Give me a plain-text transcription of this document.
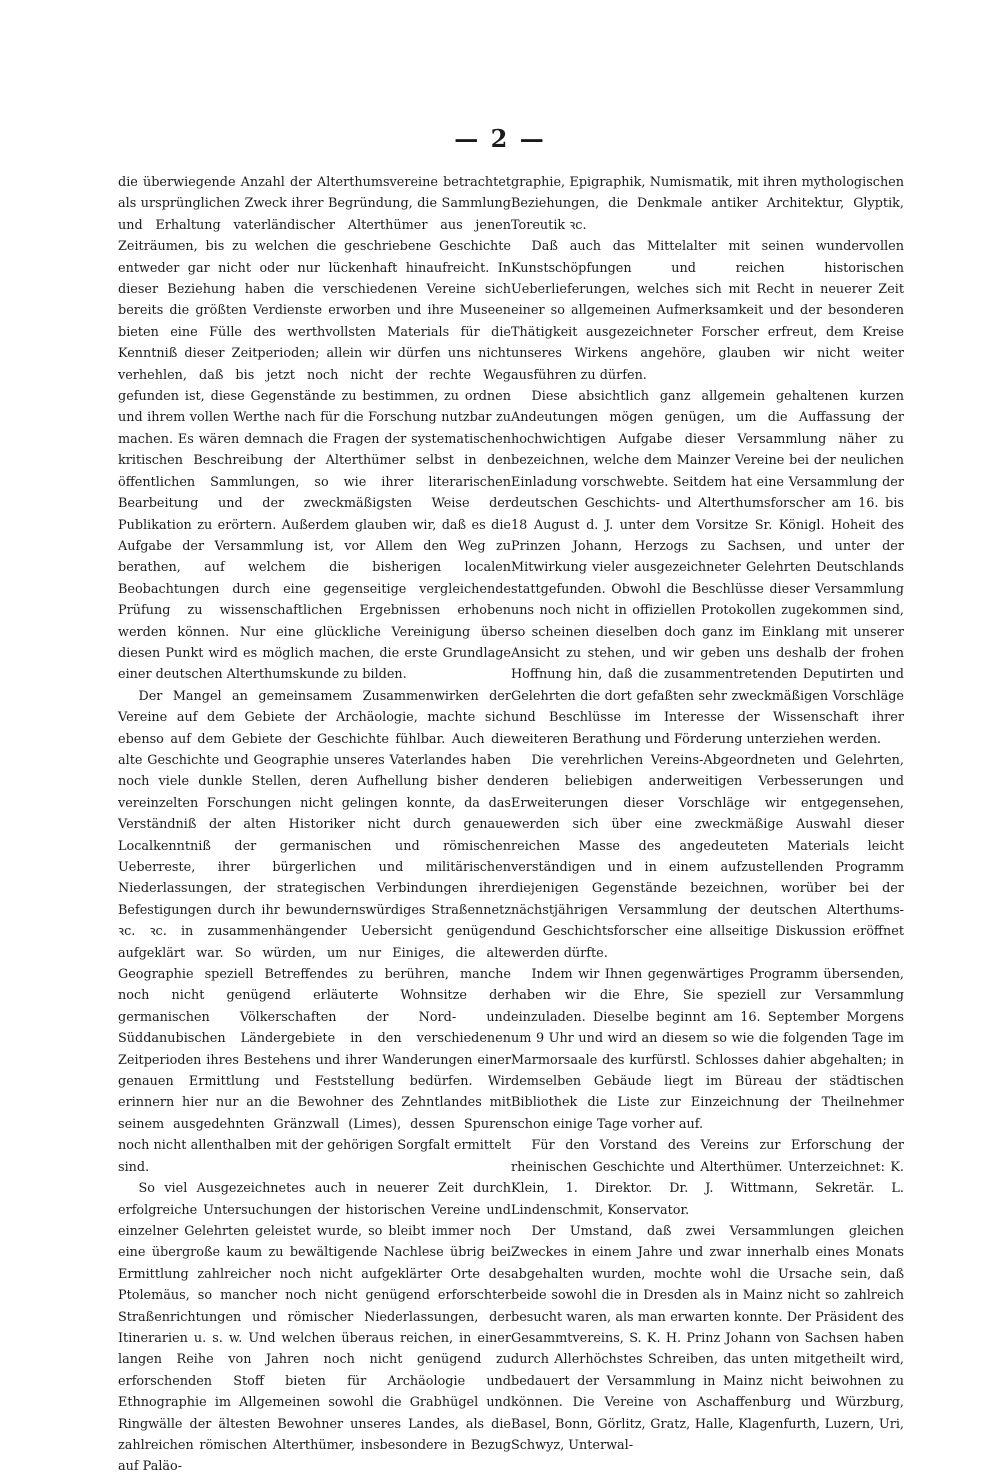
— 2 —

die überwiegende Anzahl der Alterthumsvereine betrachtet als ursprünglichen Zweck ihrer Begründung, die Sammlung und Erhaltung vaterländischer Alterthümer aus jenen Zeiträumen, bis zu welchen die geschriebene Geschichte entweder gar nicht oder nur lückenhaft hinaufreicht. In dieser Beziehung haben die verschiedenen Vereine sich bereits die größten Verdienste erworben und ihre Museen bieten eine Fülle des werthvollsten Materials für die Kenntniß dieser Zeitperioden; allein wir dürfen uns nicht verhehlen, daß bis jetzt noch nicht der rechte Weg gefunden ist, diese Gegenstände zu bestimmen, zu ordnen und ihrem vollen Werthe nach für die Forschung nutzbar zu machen. Es wären demnach die Fragen der systematischen kritischen Beschreibung der Alterthümer selbst in den öffentlichen Sammlungen, so wie ihrer literarischen Bearbeitung und der zweckmäßigsten Weise der Publikation zu erörtern. Außerdem glauben wir, daß es die Aufgabe der Versammlung ist, vor Allem den Weg zu berathen, auf welchem die bisherigen localen Beobachtungen durch eine gegenseitige vergleichende Prüfung zu wissenschaftlichen Ergebnissen erhoben werden können. Nur eine glückliche Vereinigung über diesen Punkt wird es möglich machen, die erste Grundlage einer deutschen Alterthumskunde zu bilden.

Der Mangel an gemeinsamem Zusammenwirken der Vereine auf dem Gebiete der Archäologie, machte sich ebenso auf dem Gebiete der Geschichte fühlbar. Auch die alte Geschichte und Geographie unseres Vaterlandes haben noch viele dunkle Stellen, deren Aufhellung bisher den vereinzelten Forschungen nicht gelingen konnte, da das Verständniß der alten Historiker nicht durch genaue Localkenntniß der germanischen und römischen Ueberreste, ihrer bürgerlichen und militärischen Niederlassungen, der strategischen Verbindungen ihrer Befestigungen durch ihr bewundernswürdiges Straßennetz ꝛc. ꝛc. in zusammenhängender Uebersicht genügend aufgeklärt war. So würden, um nur Einiges, die alte Geographie speziell Betreffendes zu berühren, manche noch nicht genügend erläuterte Wohnsitze der germanischen Völkerschaften der Nord- und Süddanubischen Ländergebiete in den verschiedenen Zeitperioden ihres Bestehens und ihrer Wanderungen einer genauen Ermittlung und Feststellung bedürfen. Wir erinnern hier nur an die Bewohner des Zehntlandes mit seinem ausgedehnten Gränzwall (Limes), dessen Spuren noch nicht allenthalben mit der gehörigen Sorgfalt ermittelt sind.

So viel Ausgezeichnetes auch in neuerer Zeit durch erfolgreiche Untersuchungen der historischen Vereine und einzelner Gelehrten geleistet wurde, so bleibt immer noch eine übergroße kaum zu bewältigende Nachlese übrig bei Ermittlung zahlreicher noch nicht aufgeklärter Orte des Ptolemäus, so mancher noch nicht genügend erforschter Straßenrichtungen und römischer Niederlassungen, der Itinerarien u. s. w. Und welchen überaus reichen, in einer langen Reihe von Jahren noch nicht genügend zu erforschenden Stoff bieten für Archäologie und Ethnographie im Allgemeinen sowohl die Grabhügel und Ringwälle der ältesten Bewohner unseres Landes, als die zahlreichen römischen Alterthümer, insbesondere in Bezug auf Paläo-

graphie, Epigraphik, Numismatik, mit ihren mythologischen Beziehungen, die Denkmale antiker Architektur, Glyptik, Toreutik ꝛc.

Daß auch das Mittelalter mit seinen wundervollen Kunstschöpfungen und reichen historischen Ueberlieferungen, welches sich mit Recht in neuerer Zeit einer so allgemeinen Aufmerksamkeit und der besonderen Thätigkeit ausgezeichneter Forscher erfreut, dem Kreise unseres Wirkens angehöre, glauben wir nicht weiter ausführen zu dürfen.

Diese absichtlich ganz allgemein gehaltenen kurzen Andeutungen mögen genügen, um die Auffassung der hochwichtigen Aufgabe dieser Versammlung näher zu bezeichnen, welche dem Mainzer Vereine bei der neulichen Einladung vorschwebte. Seitdem hat eine Versammlung der deutschen Geschichts- und Alterthumsforscher am 16. bis 18 August d. J. unter dem Vorsitze Sr. Königl. Hoheit des Prinzen Johann, Herzogs zu Sachsen, und unter der Mitwirkung vieler ausgezeichneter Gelehrten Deutschlands stattgefunden. Obwohl die Beschlüsse dieser Versammlung uns noch nicht in offiziellen Protokollen zugekommen sind, so scheinen dieselben doch ganz im Einklang mit unserer Ansicht zu stehen, und wir geben uns deshalb der frohen Hoffnung hin, daß die zusammentretenden Deputirten und Gelehrten die dort gefaßten sehr zweckmäßigen Vorschläge und Beschlüsse im Interesse der Wissenschaft ihrer weiteren Berathung und Förderung unterziehen werden.

Die verehrlichen Vereins-Abgeordneten und Gelehrten, deren beliebigen anderweitigen Verbesserungen und Erweiterungen dieser Vorschläge wir entgegensehen, werden sich über eine zweckmäßige Auswahl dieser reichen Masse des angedeuteten Materials leicht verständigen und in einem aufzustellenden Programm diejenigen Gegenstände bezeichnen, worüber bei der nächstjährigen Versammlung der deutschen Alterthums- und Geschichtsforscher eine allseitige Diskussion eröffnet werden dürfte.

Indem wir Ihnen gegenwärtiges Programm übersenden, haben wir die Ehre, Sie speziell zur Versammlung einzuladen. Dieselbe beginnt am 16. September Morgens um 9 Uhr und wird an diesem so wie die folgenden Tage im Marmorsaale des kurfürstl. Schlosses dahier abgehalten; in demselben Gebäude liegt im Büreau der städtischen Bibliothek die Liste zur Einzeichnung der Theilnehmer schon einige Tage vorher auf.

Für den Vorstand des Vereins zur Erforschung der rheinischen Geschichte und Alterthümer. Unterzeichnet: K. Klein, 1. Direktor. Dr. J. Wittmann, Sekretär. L. Lindenschmit, Konservator.

Der Umstand, daß zwei Versammlungen gleichen Zweckes in einem Jahre und zwar innerhalb eines Monats abgehalten wurden, mochte wohl die Ursache sein, daß beide sowohl die in Dresden als in Mainz nicht so zahlreich besucht waren, als man erwarten konnte. Der Präsident des Gesammtvereins, S. K. H. Prinz Johann von Sachsen haben durch Allerhöchstes Schreiben, das unten mitgetheilt wird, bedauert der Versammlung in Mainz nicht beiwohnen zu können. Die Vereine von Aschaffenburg und Würzburg, Basel, Bonn, Görlitz, Gratz, Halle, Klagenfurth, Luzern, Uri, Schwyz, Unterwal-
